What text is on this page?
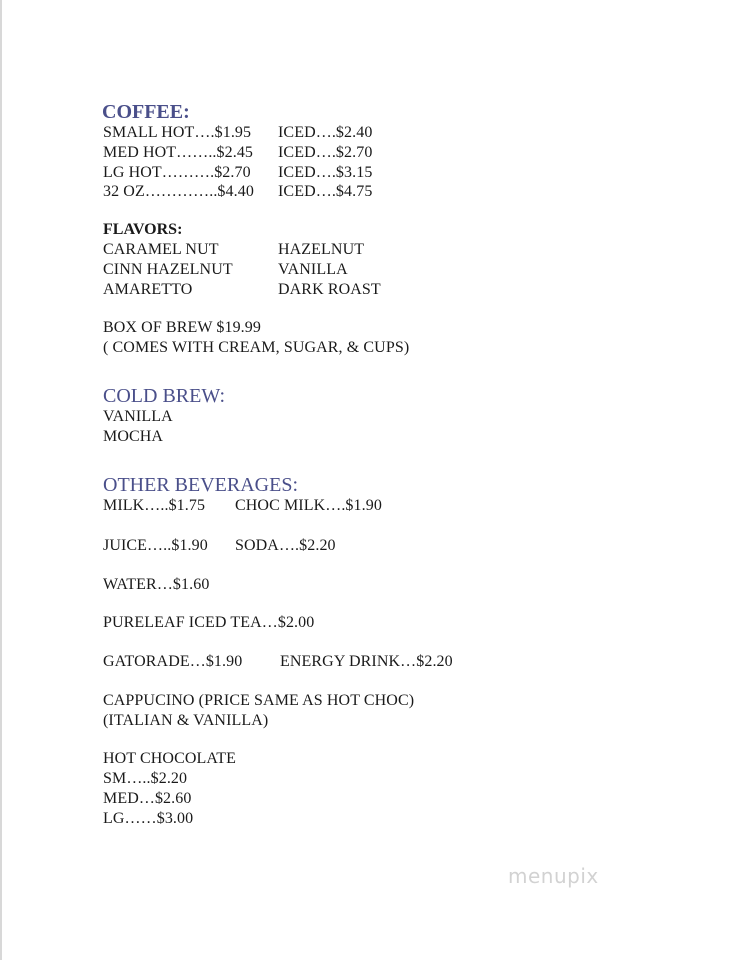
COFFEE:
SMALL HOT….$1.95 ICED….$2.40
MED HOT……..$2.45 ICED….$2.70
LG HOT……….$2.70 ICED….$3.15
32 OZ…………..$4.40 ICED….$4.75
FLAVORS:
CARAMEL NUT	HAZELNUT
CINN HAZELNUT	VANILLA
AMARETTO	DARK ROAST
BOX OF BREW $19.99
( COMES WITH CREAM, SUGAR, & CUPS)
COLD BREW:
VANILLA
MOCHA
OTHER BEVERAGES:
MILK…..$1.75 CHOC MILK….$1.90
JUICE…..$1.90 SODA….$2.20
WATER…$1.60
PURELEAF ICED TEA…$2.00
GATORADE…$1.90 ENERGY DRINK…$2.20
CAPPUCINO (PRICE SAME AS HOT CHOC)
(ITALIAN & VANILLA)
HOT CHOCOLATE
SM…..$2.20
MED…$2.60
LG……$3.00
menupix
